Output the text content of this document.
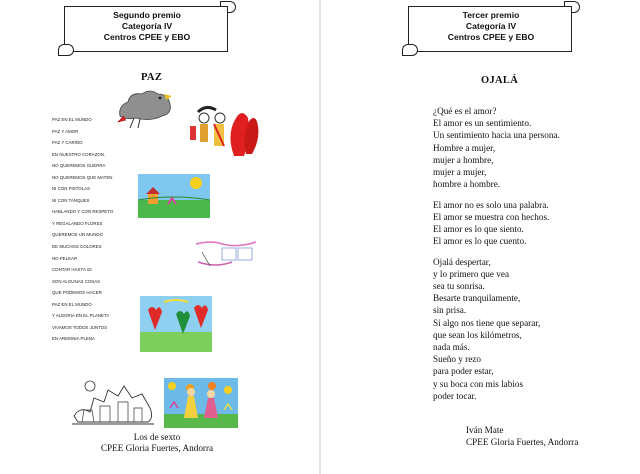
Segundo premio
Categoría IV
Centros CPEE y EBO
PAZ
PAZ EN EL MUNDO
PAZ Y AMOR
PAZ Y CARIÑO
EN NUESTRO CORAZON.
NO QUEREMOS GUERRA
NO QUEREMOS QUE MATEN
NI CON PISTOLAS
NI CON TANQUES
HABLANDO Y CON RESPETO
Y REGALANDO FLORES
QUEREMOS UN MUNDO
DE MUCHOS COLORES
NO PELEAR
CONTAR HASTA 10
SON ALGUNAS COSAS
QUE PODEMOS HACER
PAZ EN EL MUNDO
Y ALEGRIA EN EL PLANETA
VIVAMOS TODOS JUNTOS
EN ARMONIA PLENA
Los de sexto
CPEE Gloria Fuertes, Andorra
Tercer premio
Categoría IV
Centros CPEE y EBO
OJALÁ
¿Qué es el amor?
El amor es un sentimiento.
Un sentimiento hacia una persona.
Hombre a mujer,
mujer a hombre,
mujer a mujer,
hombre a hombre.
El amor no es solo una palabra.
El amor se muestra con hechos.
El amor es lo que siento.
El amor es lo que cuento.
Ojalá despertar,
y lo primero que vea
sea tu sonrisa.
Besarte tranquilamente,
sin prisa.
Si algo nos tiene que separar,
que sean los kilómetros,
nada más.
Sueño y rezo
para poder estar,
y su boca con mis labios
poder tocar.
Iván Mate
CPEE Gloria Fuertes, Andorra
